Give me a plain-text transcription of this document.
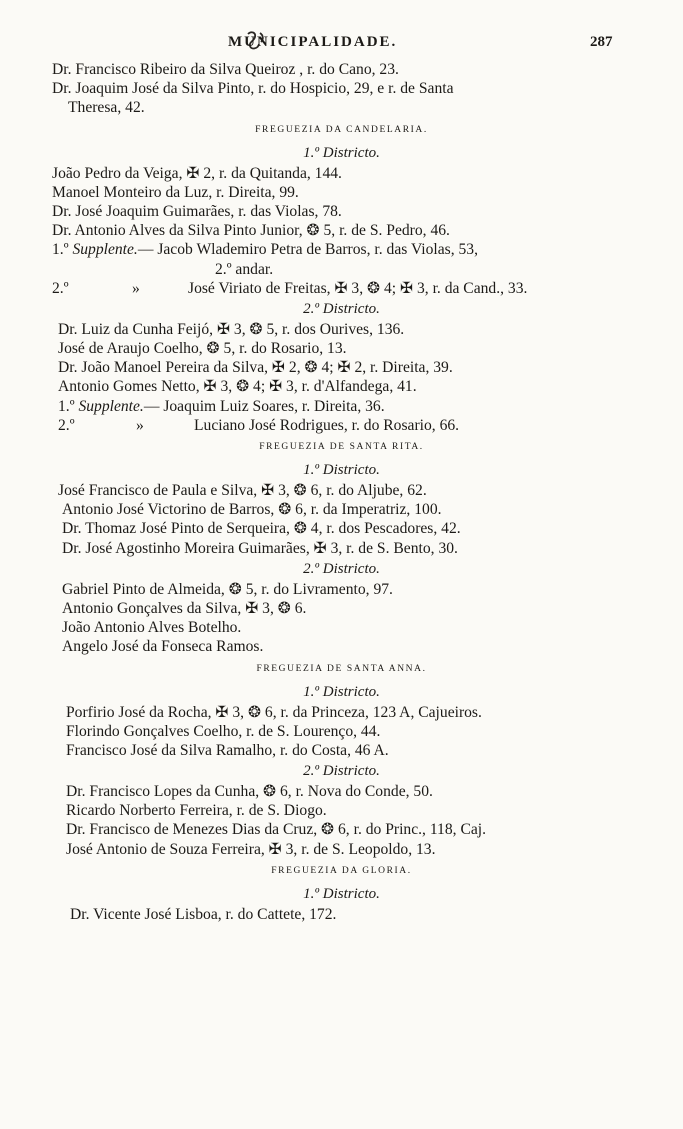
MUNICIPALIDADE.	287
Dr. Francisco Ribeiro da Silva Queiroz , r. do Cano, 23.
Dr. Joaquim José da Silva Pinto, r. do Hospicio, 29, e r. de Santa
Theresa, 42.
FREGUEZIA DA CANDELARIA.
1.º Districto.
João Pedro da Veiga, ✠ 2, r. da Quitanda, 144.
Manoel Monteiro da Luz, r. Direita, 99.
Dr. José Joaquim Guimarães, r. das Violas, 78.
Dr. Antonio Alves da Silva Pinto Junior, ❂ 5, r. de S. Pedro, 46.
1.º Supplente.— Jacob Wlademiro Petra de Barros, r. das Violas, 53,
2.º andar.
2.º	»	José Viriato de Freitas, ✠ 3, ❂ 4; ✠ 3, r. da Cand., 33.
2.º Districto.
Dr. Luiz da Cunha Feijó, ✠ 3, ❂ 5, r. dos Ourives, 136.
José de Araujo Coelho, ❂ 5, r. do Rosario, 13.
Dr. João Manoel Pereira da Silva, ✠ 2, ❂ 4; ✠ 2, r. Direita, 39.
Antonio Gomes Netto, ✠ 3, ❂ 4; ✠ 3, r. d'Alfandega, 41.
1.º Supplente.— Joaquim Luiz Soares, r. Direita, 36.
2.º	»	Luciano José Rodrigues, r. do Rosario, 66.
FREGUEZIA DE SANTA RITA.
1.º Districto.
José Francisco de Paula e Silva, ✠ 3, ❂ 6, r. do Aljube, 62.
Antonio José Victorino de Barros, ❂ 6, r. da Imperatriz, 100.
Dr. Thomaz José Pinto de Serqueira, ❂ 4, r. dos Pescadores, 42.
Dr. José Agostinho Moreira Guimarães, ✠ 3, r. de S. Bento, 30.
2.º Districto.
Gabriel Pinto de Almeida, ❂ 5, r. do Livramento, 97.
Antonio Gonçalves da Silva, ✠ 3, ❂ 6.
João Antonio Alves Botelho.
Angelo José da Fonseca Ramos.
FREGUEZIA DE SANTA ANNA.
1.º Districto.
Porfirio José da Rocha, ✠ 3, ❂ 6, r. da Princeza, 123 A, Cajueiros.
Florindo Gonçalves Coelho, r. de S. Lourenço, 44.
Francisco José da Silva Ramalho, r. do Costa, 46 A.
2.º Districto.
Dr. Francisco Lopes da Cunha, ❂ 6, r. Nova do Conde, 50.
Ricardo Norberto Ferreira, r. de S. Diogo.
Dr. Francisco de Menezes Dias da Cruz, ❂ 6, r. do Princ., 118, Caj.
José Antonio de Souza Ferreira, ✠ 3, r. de S. Leopoldo, 13.
FREGUEZIA DA GLORIA.
1.º Districto.
Dr. Vicente José Lisboa, r. do Cattete, 172.
